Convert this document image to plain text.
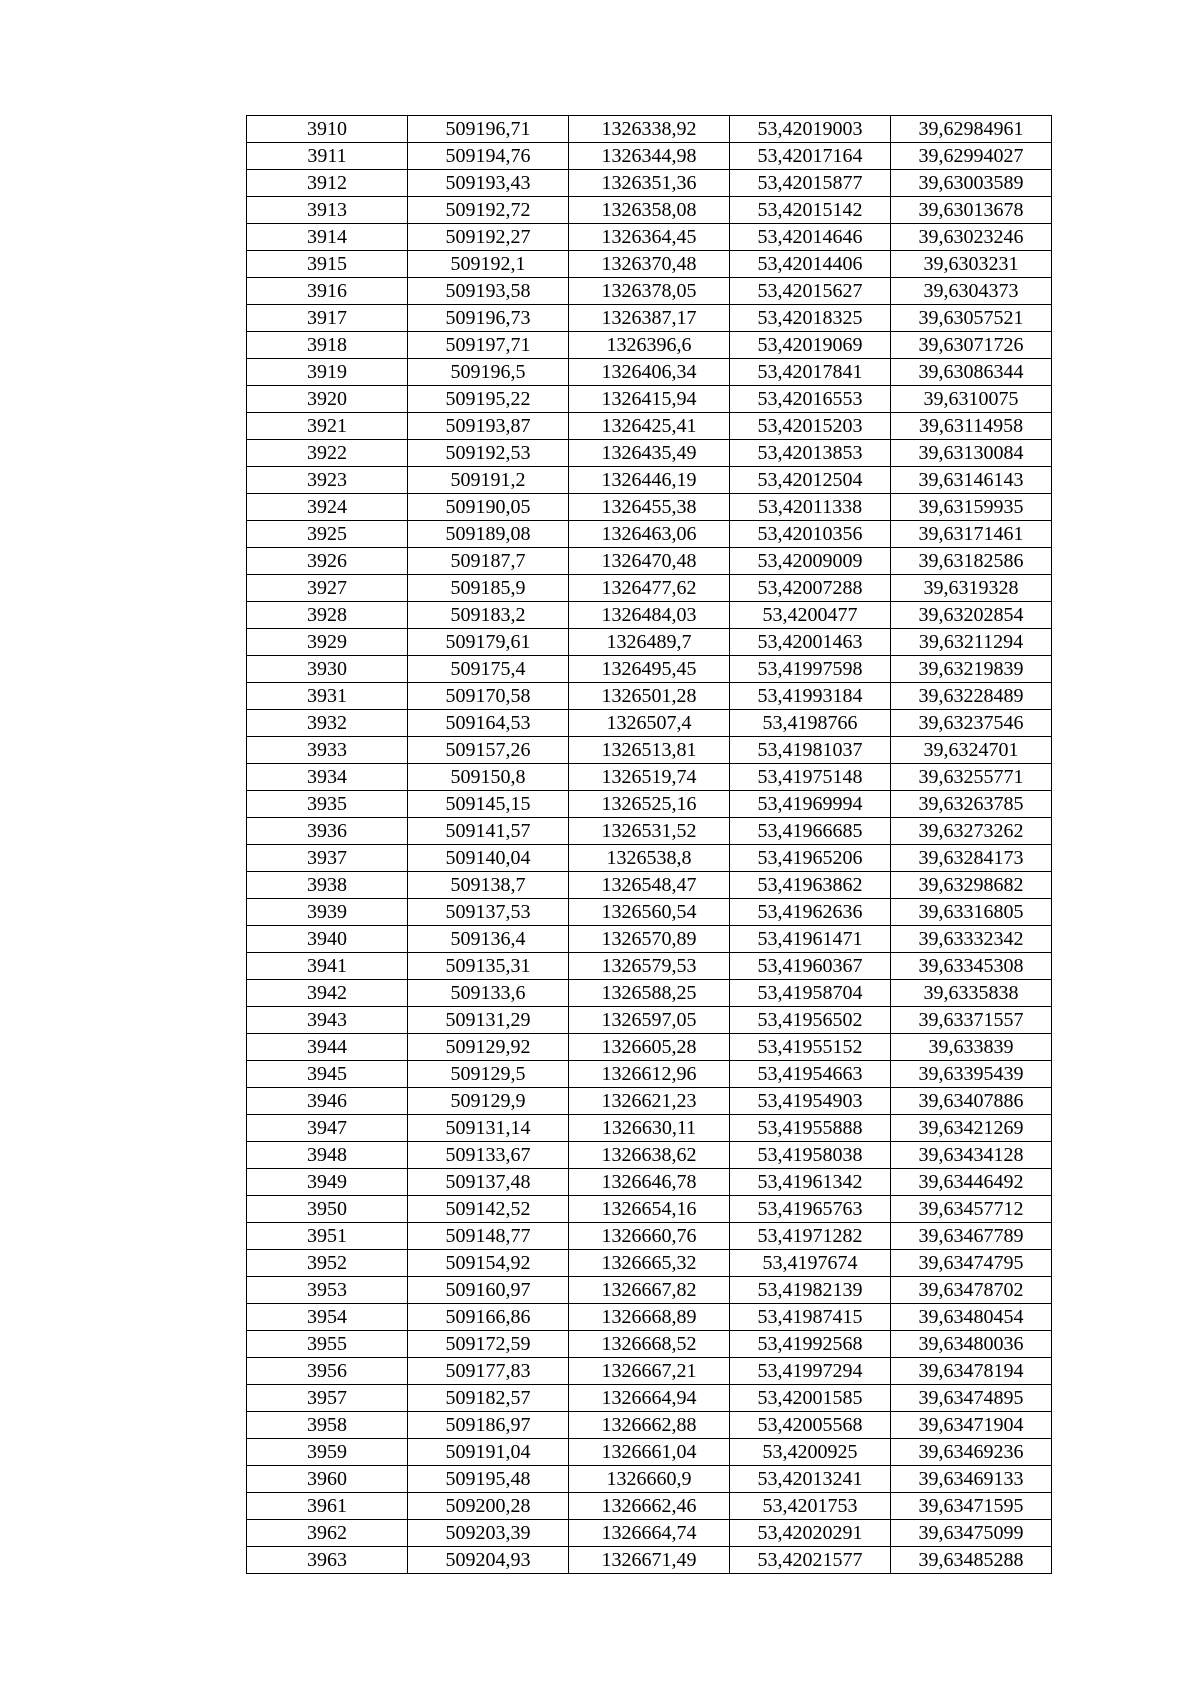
3910	509196,71	1326338,92	53,42019003	39,62984961
3911	509194,76	1326344,98	53,42017164	39,62994027
3912	509193,43	1326351,36	53,42015877	39,63003589
3913	509192,72	1326358,08	53,42015142	39,63013678
3914	509192,27	1326364,45	53,42014646	39,63023246
3915	509192,1	1326370,48	53,42014406	39,6303231
3916	509193,58	1326378,05	53,42015627	39,6304373
3917	509196,73	1326387,17	53,42018325	39,63057521
3918	509197,71	1326396,6	53,42019069	39,63071726
3919	509196,5	1326406,34	53,42017841	39,63086344
3920	509195,22	1326415,94	53,42016553	39,6310075
3921	509193,87	1326425,41	53,42015203	39,63114958
3922	509192,53	1326435,49	53,42013853	39,63130084
3923	509191,2	1326446,19	53,42012504	39,63146143
3924	509190,05	1326455,38	53,42011338	39,63159935
3925	509189,08	1326463,06	53,42010356	39,63171461
3926	509187,7	1326470,48	53,42009009	39,63182586
3927	509185,9	1326477,62	53,42007288	39,6319328
3928	509183,2	1326484,03	53,4200477	39,63202854
3929	509179,61	1326489,7	53,42001463	39,63211294
3930	509175,4	1326495,45	53,41997598	39,63219839
3931	509170,58	1326501,28	53,41993184	39,63228489
3932	509164,53	1326507,4	53,4198766	39,63237546
3933	509157,26	1326513,81	53,41981037	39,6324701
3934	509150,8	1326519,74	53,41975148	39,63255771
3935	509145,15	1326525,16	53,41969994	39,63263785
3936	509141,57	1326531,52	53,41966685	39,63273262
3937	509140,04	1326538,8	53,41965206	39,63284173
3938	509138,7	1326548,47	53,41963862	39,63298682
3939	509137,53	1326560,54	53,41962636	39,63316805
3940	509136,4	1326570,89	53,41961471	39,63332342
3941	509135,31	1326579,53	53,41960367	39,63345308
3942	509133,6	1326588,25	53,41958704	39,6335838
3943	509131,29	1326597,05	53,41956502	39,63371557
3944	509129,92	1326605,28	53,41955152	39,633839
3945	509129,5	1326612,96	53,41954663	39,63395439
3946	509129,9	1326621,23	53,41954903	39,63407886
3947	509131,14	1326630,11	53,41955888	39,63421269
3948	509133,67	1326638,62	53,41958038	39,63434128
3949	509137,48	1326646,78	53,41961342	39,63446492
3950	509142,52	1326654,16	53,41965763	39,63457712
3951	509148,77	1326660,76	53,41971282	39,63467789
3952	509154,92	1326665,32	53,4197674	39,63474795
3953	509160,97	1326667,82	53,41982139	39,63478702
3954	509166,86	1326668,89	53,41987415	39,63480454
3955	509172,59	1326668,52	53,41992568	39,63480036
3956	509177,83	1326667,21	53,41997294	39,63478194
3957	509182,57	1326664,94	53,42001585	39,63474895
3958	509186,97	1326662,88	53,42005568	39,63471904
3959	509191,04	1326661,04	53,4200925	39,63469236
3960	509195,48	1326660,9	53,42013241	39,63469133
3961	509200,28	1326662,46	53,4201753	39,63471595
3962	509203,39	1326664,74	53,42020291	39,63475099
3963	509204,93	1326671,49	53,42021577	39,63485288
